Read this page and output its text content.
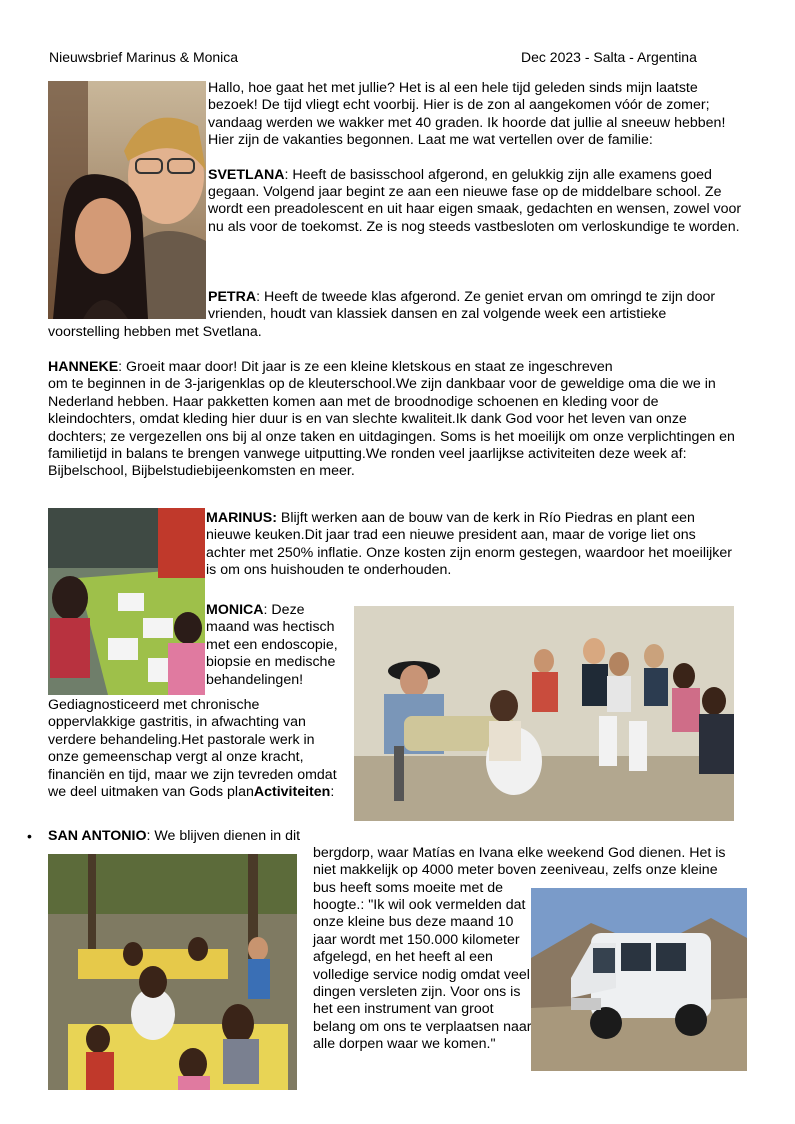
Nieuwsbrief Marinus & Monica	Dec 2023 - Salta - Argentina

Hallo, hoe gaat het met jullie? Het is al een hele tijd geleden sinds mijn laatste bezoek! De tijd vliegt echt voorbij. Hier is de zon al aangekomen vóór de zomer; vandaag werden we wakker met 40 graden. Ik hoorde dat jullie al sneeuw hebben! Hier zijn de vakanties begonnen. Laat me wat vertellen over de familie:

SVETLANA: Heeft de basisschool afgerond, en gelukkig zijn alle examens goed gegaan. Volgend jaar begint ze aan een nieuwe fase op de middelbare school. Ze wordt een preadolescent en uit haar eigen smaak, gedachten en wensen, zowel voor nu als voor de toekomst. Ze is nog steeds vastbesloten om verloskundige te worden.

PETRA: Heeft de tweede klas afgerond. Ze geniet ervan om omringd te zijn door vrienden, houdt van klassiek dansen en zal volgende week een artistieke

voorstelling hebben met Svetlana.

HANNEKE: Groeit maar door! Dit jaar is ze een kleine kletskous en staat ze ingeschreven

om te beginnen in de 3-jarigenklas op de kleuterschool.We zijn dankbaar voor de geweldige oma die we in Nederland hebben. Haar pakketten komen aan met de broodnodige schoenen en kleding voor de kleindochters, omdat kleding hier duur is en van slechte kwaliteit.Ik dank God voor het leven van onze dochters; ze vergezellen ons bij al onze taken en uitdagingen. Soms is het moeilijk om onze verplichtingen en familietijd in balans te brengen vanwege uitputting.We ronden veel jaarlijkse activiteiten deze week af: Bijbelschool, Bijbelstudiebijeenkomsten en meer.

MARINUS: Blijft werken aan de bouw van de kerk in Río Piedras en plant een nieuwe keuken.Dit jaar trad een nieuwe president aan, maar de vorige liet ons achter met 250% inflatie. Onze kosten zijn enorm gestegen, waardoor het moeilijker is om ons huishouden te onderhouden.

MONICA: Deze maand was hectisch met een endoscopie, biopsie en medische behandelingen!

Gediagnosticeerd met chronische oppervlakkige gastritis, in afwachting van verdere behandeling.Het pastorale werk in onze gemeenschap vergt al onze kracht, financiën en tijd, maar we zijn tevreden omdat we deel uitmaken van Gods planActiviteiten:

• SAN ANTONIO: We blijven dienen in dit

bergdorp, waar Matías en Ivana elke weekend God dienen. Het is niet makkelijk op 4000 meter boven zeeniveau, zelfs onze kleine bus heeft soms moeite met de

hoogte.: "Ik wil ook vermelden dat onze kleine bus deze maand 10 jaar wordt met 150.000 kilometer afgelegd, en het heeft al een volledige service nodig omdat veel dingen versleten zijn. Voor ons is het een instrument van groot belang om ons te verplaatsen naar alle dorpen waar we komen."
